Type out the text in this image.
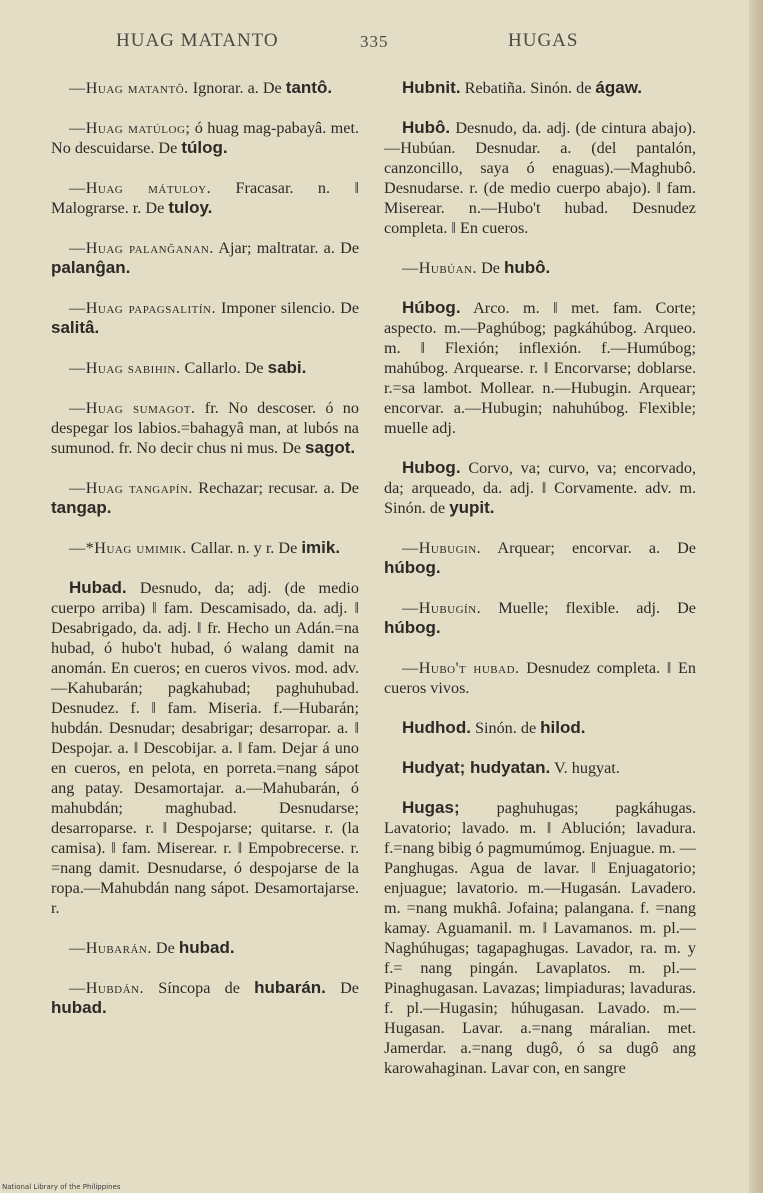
HUAG MATANTO	335	HUGAS

—Huag matantô. Ignorar. a. De tantô.

—Huag matúlog; ó huag mag-pabayâ. met. No descuidarse. De túlog.

—Huag mátuloy. Fracasar. n. ‖ Malograrse. r. De tuloy.

—Huag palanĝanan. Ajar; maltratar. a. De palanĝan.

—Huag papagsalitín. Imponer silencio. De salitâ.

—Huag sabihin. Callarlo. De sabi.

—Huag sumagot. fr. No descoser. ó no despegar los labios.=bahagyâ man, at lubós na sumunod. fr. No decir chus ni mus. De sagot.

—Huag tangapín. Rechazar; recusar. a. De tangap.

—*Huag umimik. Callar. n. y r. De imik.

Hubad. Desnudo, da; adj. (de medio cuerpo arriba) ‖ fam. Descamisado, da. adj. ‖ Desabrigado, da. adj. ‖ fr. Hecho un Adán.=na hubad, ó hubo't hubad, ó walang damit na anomán. En cueros; en cueros vivos. mod. adv.—Kahubarán; pagkahubad; paghuhubad. Desnudez. f. ‖ fam. Miseria. f.—Hubarán; hubdán. Desnudar; desabrigar; desarropar. a. ‖ Despojar. a. ‖ Descobijar. a. ‖ fam. Dejar á uno en cueros, en pelota, en porreta.=nang sápot ang patay. Desamortajar. a.—Mahubarán, ó mahubdán; maghubad. Desnudarse; desarroparse. r. ‖ Despojarse; quitarse. r. (la camisa). ‖ fam. Miserear. r. ‖ Empobrecerse. r. =nang damit. Desnudarse, ó despojarse de la ropa.—Mahubdán nang sápot. Desamortajarse. r.

—Hubarán. De hubad.

—Hubdán. Síncopa de hubarán. De hubad.

Hubnit. Rebatiña. Sinón. de ágaw.

Hubô. Desnudo, da. adj. (de cintura abajo).—Hubúan. Desnudar. a. (del pantalón, canzoncillo, saya ó enaguas).—Maghubô. Desnudarse. r. (de medio cuerpo abajo). ‖ fam. Miserear. n.—Hubo't hubad. Desnudez completa. ‖ En cueros.

—Hubúan. De hubô.

Húbog. Arco. m. ‖ met. fam. Corte; aspecto. m.—Paghúbog; pagkáhúbog. Arqueo. m. ‖ Flexión; inflexión. f.—Humúbog; mahúbog. Arquearse. r. ‖ Encorvarse; doblarse. r.=sa lambot. Mollear. n.—Hubugin. Arquear; encorvar. a.—Hubugin; nahuhúbog. Flexible; muelle adj.

Hubog. Corvo, va; curvo, va; encorvado, da; arqueado, da. adj. ‖ Corvamente. adv. m. Sinón. de yupit.

—Hubugin. Arquear; encorvar. a. De húbog.

—Hubugín. Muelle; flexible. adj. De húbog.

—Hubo't hubad. Desnudez completa. ‖ En cueros vivos.

Hudhod. Sinón. de hilod.

Hudyat; hudyatan. V. hugyat.

Hugas; paghuhugas; pagkáhugas. Lavatorio; lavado. m. ‖ Ablución; lavadura. f.=nang bibig ó pagmumúmog. Enjuague. m. — Panghugas. Agua de lavar. ‖ Enjuagatorio; enjuague; lavatorio. m.—Hugasán. Lavadero. m. =nang mukhâ. Jofaina; palangana. f. =nang kamay. Aguamanil. m. ‖ Lavamanos. m. pl.—Naghúhugas; tagapaghugas. Lavador, ra. m. y f.= nang pingán. Lavaplatos. m. pl.— Pinaghugasan. Lavazas; limpiaduras; lavaduras. f. pl.—Hugasin; húhugasan. Lavado. m.—Hugasan. Lavar. a.=nang máralian. met. Jamerdar. a.=nang dugô, ó sa dugô ang karowahaginan. Lavar con, en sangre

National Library of the Philippines
